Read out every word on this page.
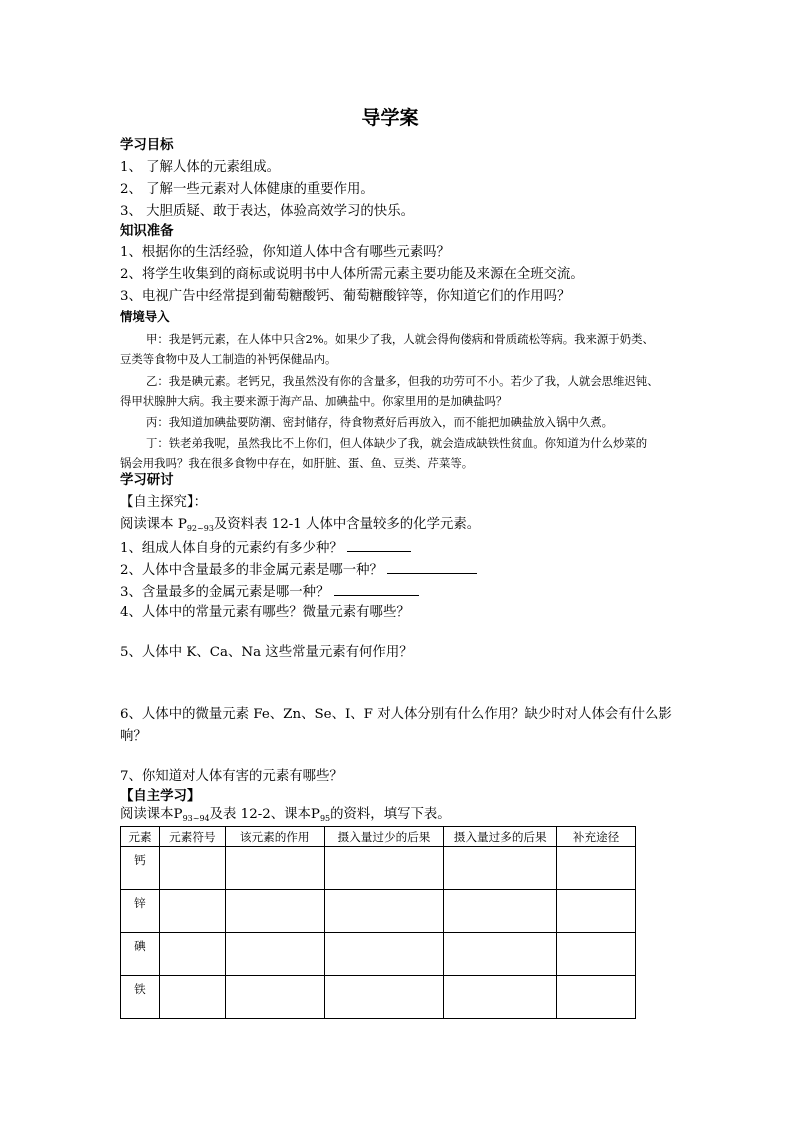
导学案
学习目标
1、 了解人体的元素组成。
2、 了解一些元素对人体健康的重要作用。
3、 大胆质疑、敢于表达，体验高效学习的快乐。
知识准备
1、根据你的生活经验，你知道人体中含有哪些元素吗？
2、将学生收集到的商标或说明书中人体所需元素主要功能及来源在全班交流。
3、电视广告中经常提到葡萄糖酸钙、葡萄糖酸锌等，你知道它们的作用吗？
情境导入
甲：我是钙元素，在人体中只含2%。如果少了我，人就会得佝偻病和骨质疏松等病。我来源于奶类、
豆类等食物中及人工制造的补钙保健品内。
乙：我是碘元素。老钙兄，我虽然没有你的含量多，但我的功劳可不小。若少了我，人就会思维迟钝、
得甲状腺肿大病。我主要来源于海产品、加碘盐中。你家里用的是加碘盐吗？
丙：我知道加碘盐要防潮、密封储存，待食物煮好后再放入，而不能把加碘盐放入锅中久煮。
丁：铁老弟我呢，虽然我比不上你们，但人体缺少了我，就会造成缺铁性贫血。你知道为什么炒菜的
锅会用我吗？我在很多食物中存在，如肝脏、蛋、鱼、豆类、芹菜等。
学习研讨
【自主探究】：
阅读课本 $P_{92\sim 93}$及资料表 12-1 人体中含量较多的化学元素。
1、组成人体自身的元素约有多少种？
2、人体中含量最多的非金属元素是哪一种？
3、含量最多的金属元素是哪一种？
4、人体中的常量元素有哪些？微量元素有哪些？
5、人体中 K、Ca、Na 这些常量元素有何作用？
6、人体中的微量元素 Fe、Zn、Se、I、F 对人体分别有什么作用？缺少时对人体会有什么影
响？
7、你知道对人体有害的元素有哪些？
【自主学习】
阅读课本$P_{93\sim 94}$及表 12-2、课本$P_{95}$的资料，填写下表。
元素	元素符号	该元素的作用	摄入量过少的后果	摄入量过多的后果	补充途径
钙					
锌					
碘					
铁					
